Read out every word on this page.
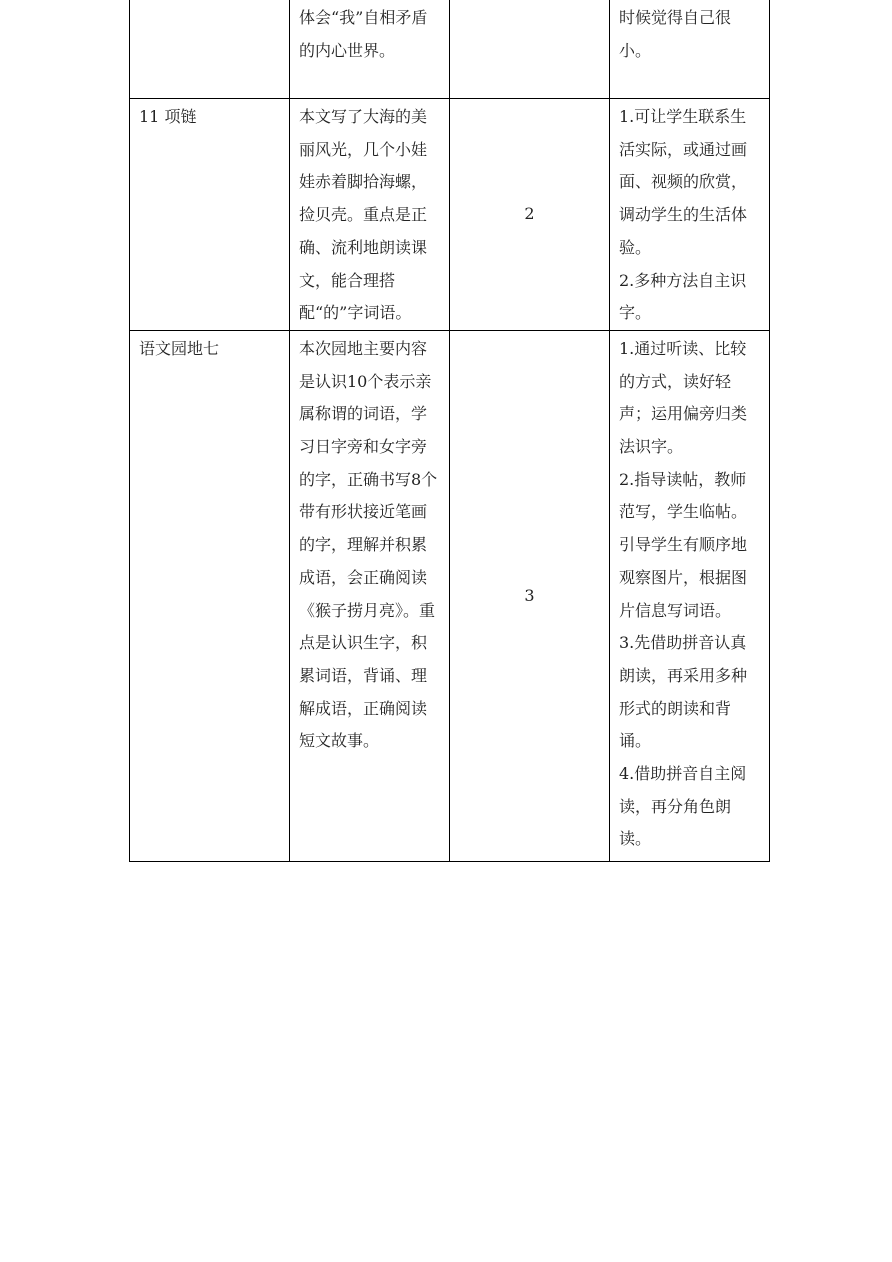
	体会“我”自相矛盾的内心世界。		时候觉得自己很小。

11 项链	本文写了大海的美丽风光，几个小娃娃赤着脚拾海螺，捡贝壳。重点是正确、流利地朗读课文，能合理搭配“的”字词语。	2	1.可让学生联系生活实际，或通过画面、视频的欣赏，调动学生的生活体验。
2.多种方法自主识字。

语文园地七	本次园地主要内容是认识10个表示亲属称谓的词语，学习日字旁和女字旁的字，正确书写8个带有形状接近笔画的字，理解并积累成语，会正确阅读《猴子捞月亮》。重点是认识生字，积累词语，背诵、理解成语，正确阅读短文故事。	3	1.通过听读、比较的方式，读好轻声；运用偏旁归类法识字。
2.指导读帖，教师范写，学生临帖。引导学生有顺序地观察图片，根据图片信息写词语。
3.先借助拼音认真朗读，再采用多种形式的朗读和背诵。
4.借助拼音自主阅读，再分角色朗读。
